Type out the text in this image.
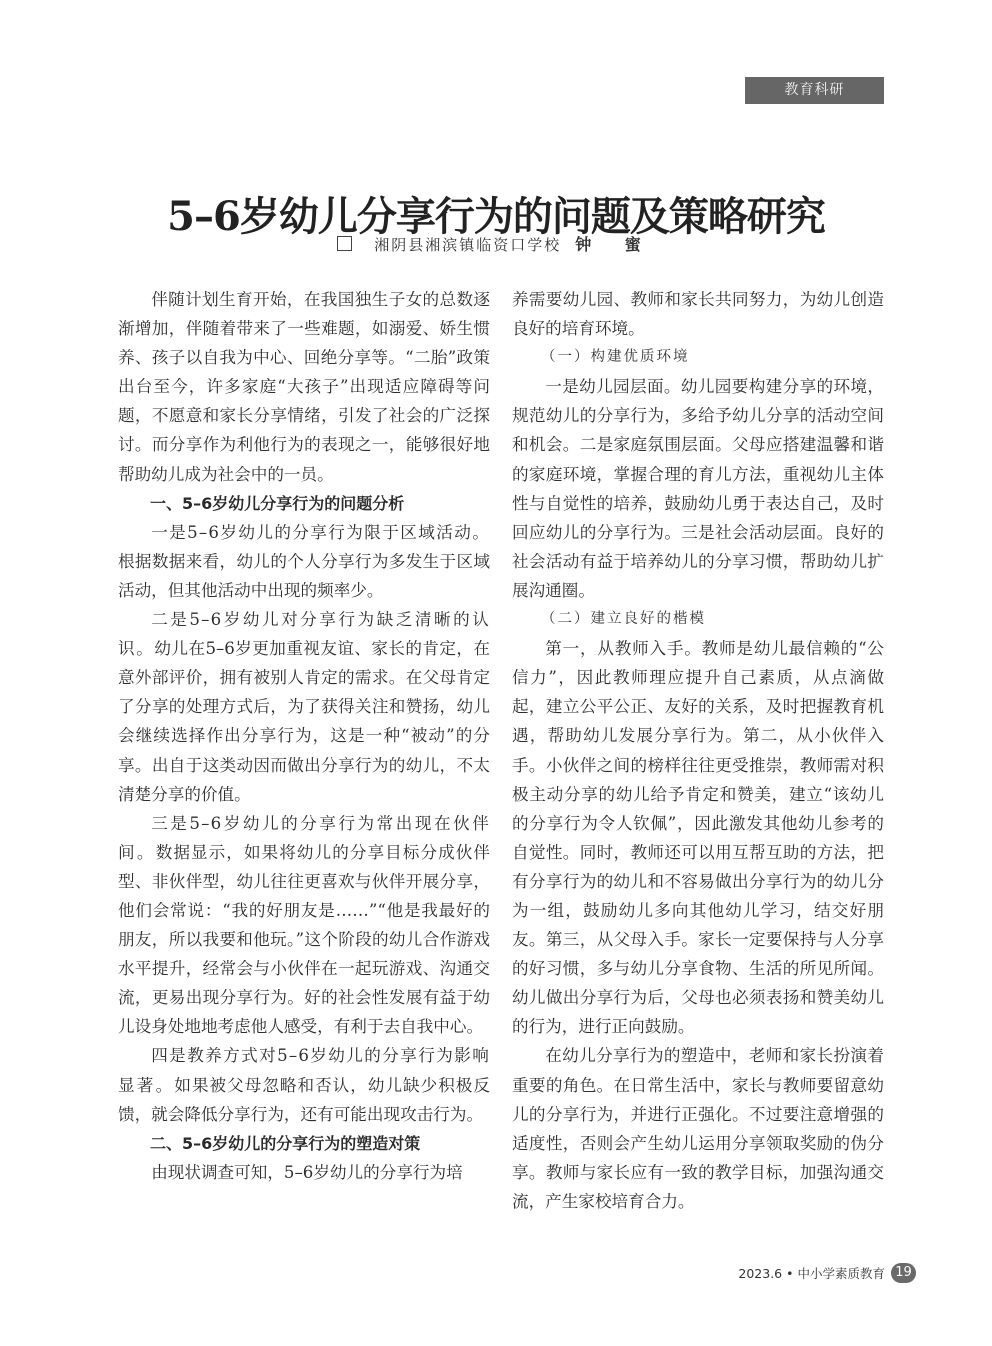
教育科研
5–6岁幼儿分享行为的问题及策略研究
湘阴县湘滨镇临资口学校 钟 蜜

伴随计划生育开始，在我国独生子女的总数逐渐增加，伴随着带来了一些难题，如溺爱、娇生惯养、孩子以自我为中心、回绝分享等。“二胎”政策出台至今，许多家庭“大孩子”出现适应障碍等问题，不愿意和家长分享情绪，引发了社会的广泛探讨。而分享作为利他行为的表现之一，能够很好地帮助幼儿成为社会中的一员。

一、5–6岁幼儿分享行为的问题分析

一是5–6岁幼儿的分享行为限于区域活动。根据数据来看，幼儿的个人分享行为多发生于区域活动，但其他活动中出现的频率少。

二是5–6岁幼儿对分享行为缺乏清晰的认识。幼儿在5–6岁更加重视友谊、家长的肯定，在意外部评价，拥有被别人肯定的需求。在父母肯定了分享的处理方式后，为了获得关注和赞扬，幼儿会继续选择作出分享行为，这是一种“被动”的分享。出自于这类动因而做出分享行为的幼儿，不太清楚分享的价值。

三是5–6岁幼儿的分享行为常出现在伙伴间。数据显示，如果将幼儿的分享目标分成伙伴型、非伙伴型，幼儿往往更喜欢与伙伴开展分享，他们会常说：“我的好朋友是……”“他是我最好的朋友，所以我要和他玩。”这个阶段的幼儿合作游戏水平提升，经常会与小伙伴在一起玩游戏、沟通交流，更易出现分享行为。好的社会性发展有益于幼儿设身处地地考虑他人感受，有利于去自我中心。

四是教养方式对5–6岁幼儿的分享行为影响显著。如果被父母忽略和否认，幼儿缺少积极反馈，就会降低分享行为，还有可能出现攻击行为。

二、5–6岁幼儿的分享行为的塑造对策

由现状调查可知，5–6岁幼儿的分享行为培

养需要幼儿园、教师和家长共同努力，为幼儿创造良好的培育环境。

（一）构建优质环境

一是幼儿园层面。幼儿园要构建分享的环境，规范幼儿的分享行为，多给予幼儿分享的活动空间和机会。二是家庭氛围层面。父母应搭建温馨和谐的家庭环境，掌握合理的育儿方法，重视幼儿主体性与自觉性的培养，鼓励幼儿勇于表达自己，及时回应幼儿的分享行为。三是社会活动层面。良好的社会活动有益于培养幼儿的分享习惯，帮助幼儿扩展沟通圈。

（二）建立良好的楷模

第一，从教师入手。教师是幼儿最信赖的“公信力”，因此教师理应提升自己素质，从点滴做起，建立公平公正、友好的关系，及时把握教育机遇，帮助幼儿发展分享行为。第二，从小伙伴入手。小伙伴之间的榜样往往更受推崇，教师需对积极主动分享的幼儿给予肯定和赞美，建立“该幼儿的分享行为令人钦佩”，因此激发其他幼儿参考的自觉性。同时，教师还可以用互帮互助的方法，把有分享行为的幼儿和不容易做出分享行为的幼儿分为一组，鼓励幼儿多向其他幼儿学习，结交好朋友。第三，从父母入手。家长一定要保持与人分享的好习惯，多与幼儿分享食物、生活的所见所闻。幼儿做出分享行为后，父母也必须表扬和赞美幼儿的行为，进行正向鼓励。

在幼儿分享行为的塑造中，老师和家长扮演着重要的角色。在日常生活中，家长与教师要留意幼儿的分享行为，并进行正强化。不过要注意增强的适度性，否则会产生幼儿运用分享领取奖励的伪分享。教师与家长应有一致的教学目标，加强沟通交流，产生家校培育合力。

2023.6
•
中小学素质教育 19
